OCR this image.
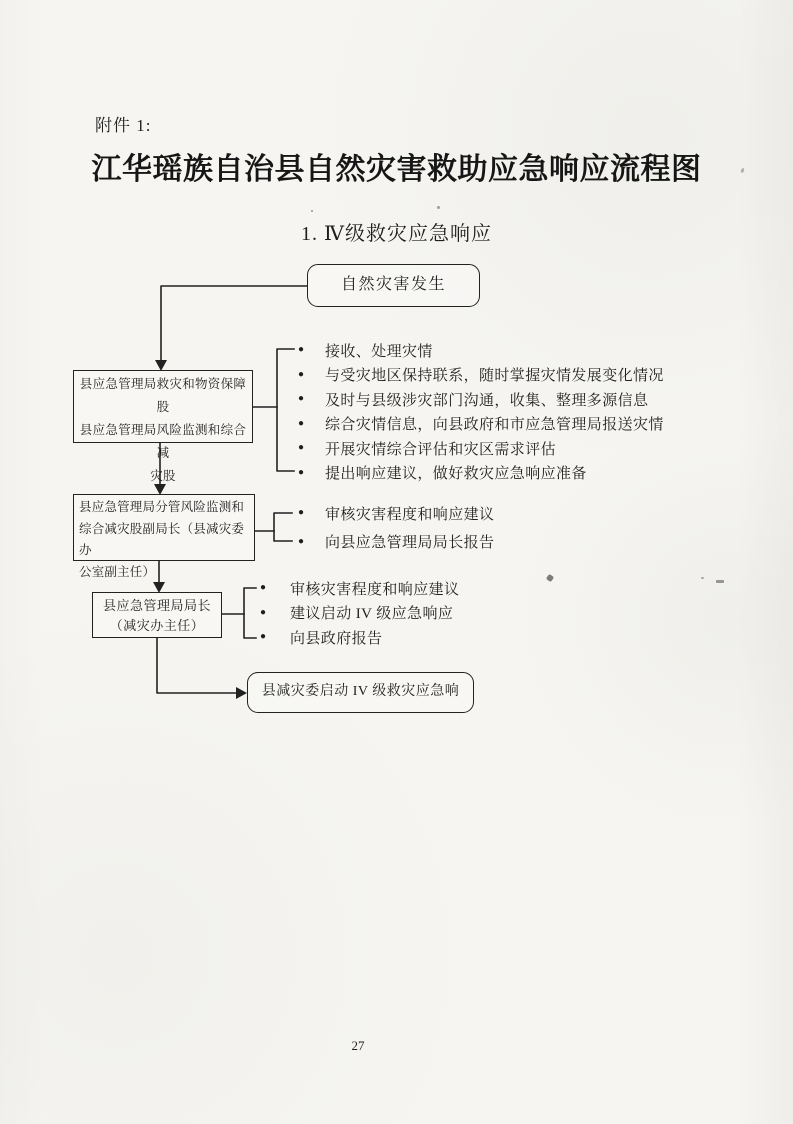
附件 1:
江华瑶族自治县自然灾害救助应急响应流程图
1. Ⅳ级救灾应急响应
自然灾害发生
县应急管理局救灾和物资保障股
县应急管理局风险监测和综合减
灾股
●	接收、处理灾情
●	与受灾地区保持联系，随时掌握灾情发展变化情况
●	及时与县级涉灾部门沟通，收集、整理多源信息
●	综合灾情信息，向县政府和市应急管理局报送灾情
●	开展灾情综合评估和灾区需求评估
●	提出响应建议，做好救灾应急响应准备
县应急管理局分管风险监测和
综合减灾股副局长（县减灾委办
公室副主任）
●	审核灾害程度和响应建议
●	向县应急管理局局长报告
县应急管理局局长
（减灾办主任）
●	审核灾害程度和响应建议
●	建议启动 IV 级应急响应
●	向县政府报告
县减灾委启动 IV 级救灾应急响
27
